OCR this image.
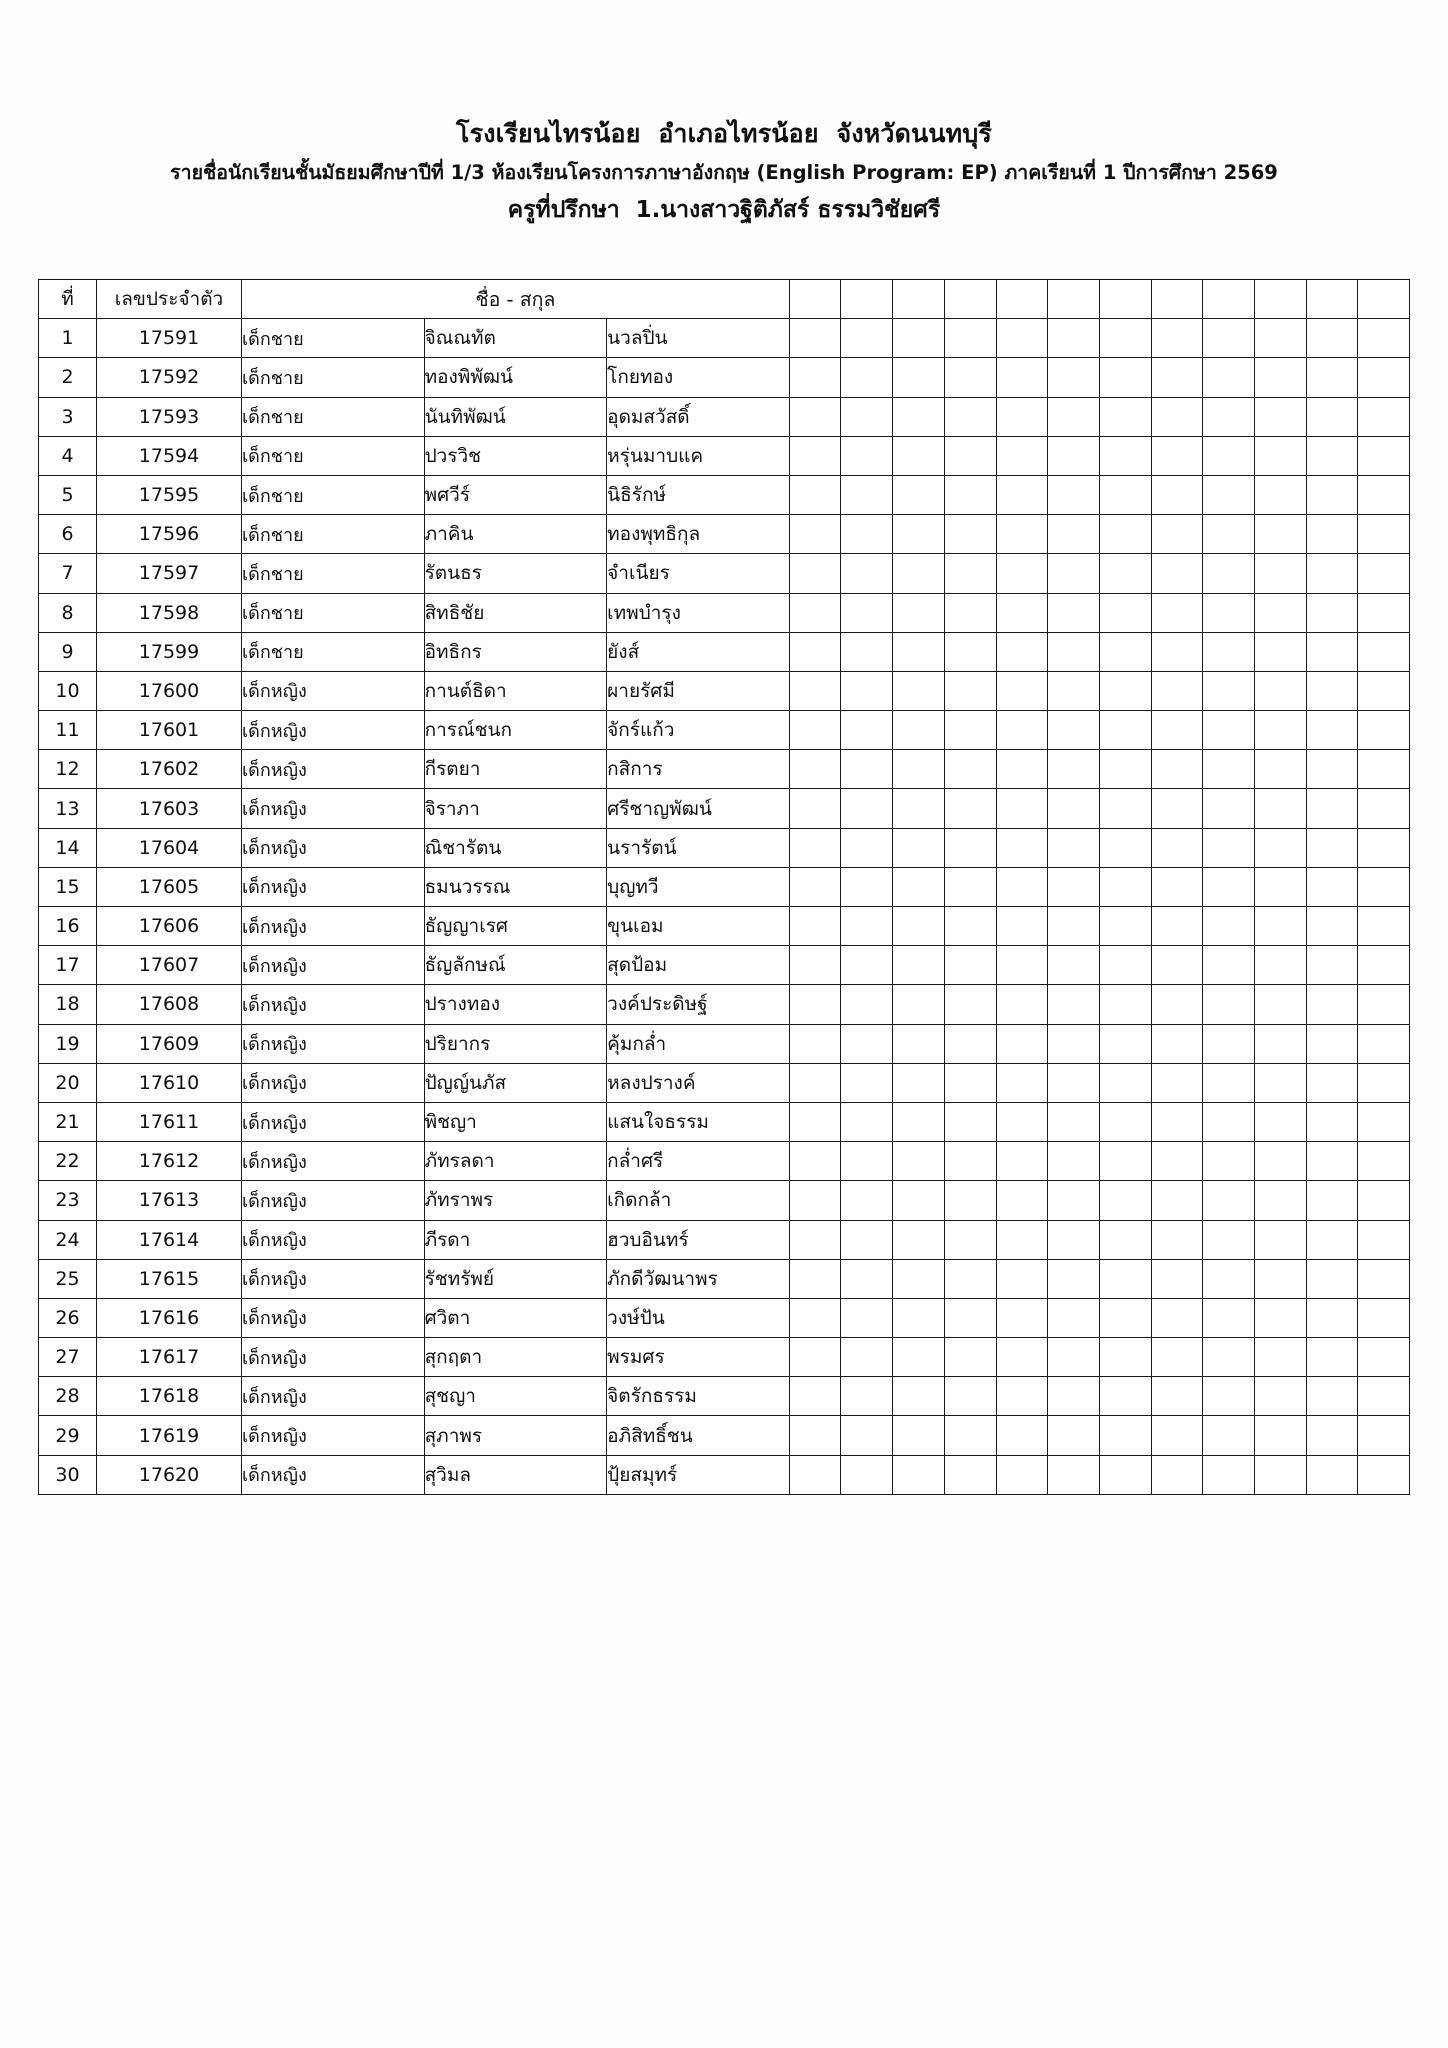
โรงเรียนไทรน้อย  อำเภอไทรน้อย  จังหวัดนนทบุรี
รายชื่อนักเรียนชั้นมัธยมศึกษาปีที่ 1/3 ห้องเรียนโครงการภาษาอังกฤษ (English Program: EP) ภาคเรียนที่ 1 ปีการศึกษา 2569
ครูที่ปรึกษา  1.นางสาวฐิติภัสร์ ธรรมวิชัยศรี
ที่	เลขประจำตัว	ชื่อ - สกุล														
1	17591	เด็กชาย	จิณณทัต	นวลปิ่น												
2	17592	เด็กชาย	ทองพิพัฒน์	โกยทอง												
3	17593	เด็กชาย	นันทิพัฒน์	อุดมสวัสดิ์												
4	17594	เด็กชาย	ปวรวิช	หรุ่นมาบแค												
5	17595	เด็กชาย	พศวีร์	นิธิรักษ์												
6	17596	เด็กชาย	ภาคิน	ทองพุทธิกุล												
7	17597	เด็กชาย	รัตนธร	จำเนียร												
8	17598	เด็กชาย	สิทธิชัย	เทพบำรุง												
9	17599	เด็กชาย	อิทธิกร	ยังส์												
10	17600	เด็กหญิง	กานต์ธิดา	ผายรัศมี												
11	17601	เด็กหญิง	การณ์ชนก	จักร์แก้ว												
12	17602	เด็กหญิง	กีรตยา	กสิการ												
13	17603	เด็กหญิง	จิราภา	ศรีชาญพัฒน์												
14	17604	เด็กหญิง	ณิชารัตน	นรารัตน์												
15	17605	เด็กหญิง	ธมนวรรณ	บุญทวี												
16	17606	เด็กหญิง	ธัญญาเรศ	ขุนเอม												
17	17607	เด็กหญิง	ธัญลักษณ์	สุดป้อม												
18	17608	เด็กหญิง	ปรางทอง	วงค์ประดิษฐ์												
19	17609	เด็กหญิง	ปริยากร	คุ้มกล่ำ												
20	17610	เด็กหญิง	ปัญญ์นภัส	หลงปรางค์												
21	17611	เด็กหญิง	พิชญา	แสนใจธรรม												
22	17612	เด็กหญิง	ภัทรลดา	กล่ำศรี												
23	17613	เด็กหญิง	ภัทราพร	เกิดกล้า												
24	17614	เด็กหญิง	ภีรดา	ฮวบอินทร์												
25	17615	เด็กหญิง	รัชทรัพย์	ภักดีวัฒนาพร												
26	17616	เด็กหญิง	ศวิตา	วงษ์ปัน												
27	17617	เด็กหญิง	สุกฤตา	พรมศร												
28	17618	เด็กหญิง	สุชญา	จิตรักธรรม												
29	17619	เด็กหญิง	สุภาพร	อภิสิทธิ์ชน												
30	17620	เด็กหญิง	สุวิมล	ปุ้ยสมุทร์												
